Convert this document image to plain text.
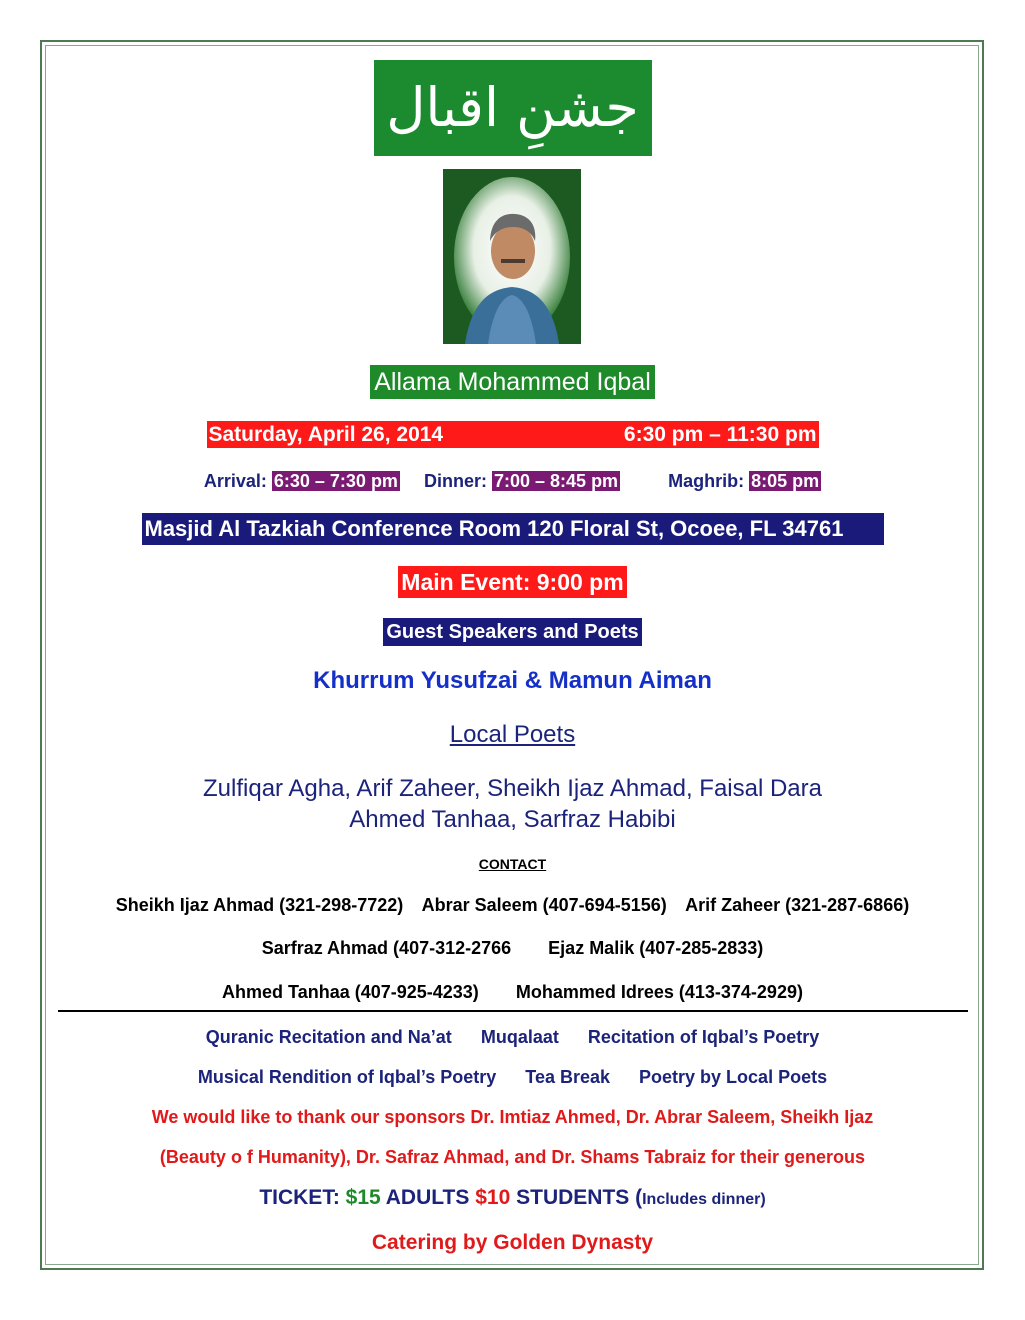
جشنِ اقبال
Allama Mohammed Iqbal
Saturday, April 26, 2014	6:30 pm – 11:30 pm
Arrival: 6:30 – 7:30 pm Dinner: 7:00 – 8:45 pm	Maghrib: 8:05 pm
Masjid Al Tazkiah Conference Room 120 Floral St, Ocoee, FL 34761
Main Event: 9:00 pm
Guest Speakers and Poets
Khurrum Yusufzai & Mamun Aiman
Local Poets
Zulfiqar Agha, Arif Zaheer, Sheikh Ijaz Ahmad, Faisal Dara
Ahmed Tanhaa, Sarfraz Habibi
CONTACT
Sheikh Ijaz Ahmad (321-298-7722) Abrar Saleem (407-694-5156) Arif Zaheer (321-287-6866)
Sarfraz Ahmad (407-312-2766 Ejaz Malik (407-285-2833)
Ahmed Tanhaa (407-925-4233) Mohammed Idrees (413-374-2929)
Quranic Recitation and Na’at Muqalaat Recitation of Iqbal’s Poetry
Musical Rendition of Iqbal’s Poetry Tea Break Poetry by Local Poets
We would like to thank our sponsors Dr. Imtiaz Ahmed, Dr. Abrar Saleem, Sheikh Ijaz
(Beauty o f Humanity), Dr. Safraz Ahmad, and Dr. Shams Tabraiz for their generous
TICKET: $15 ADULTS $10 STUDENTS (Includes dinner)
Catering by Golden Dynasty
